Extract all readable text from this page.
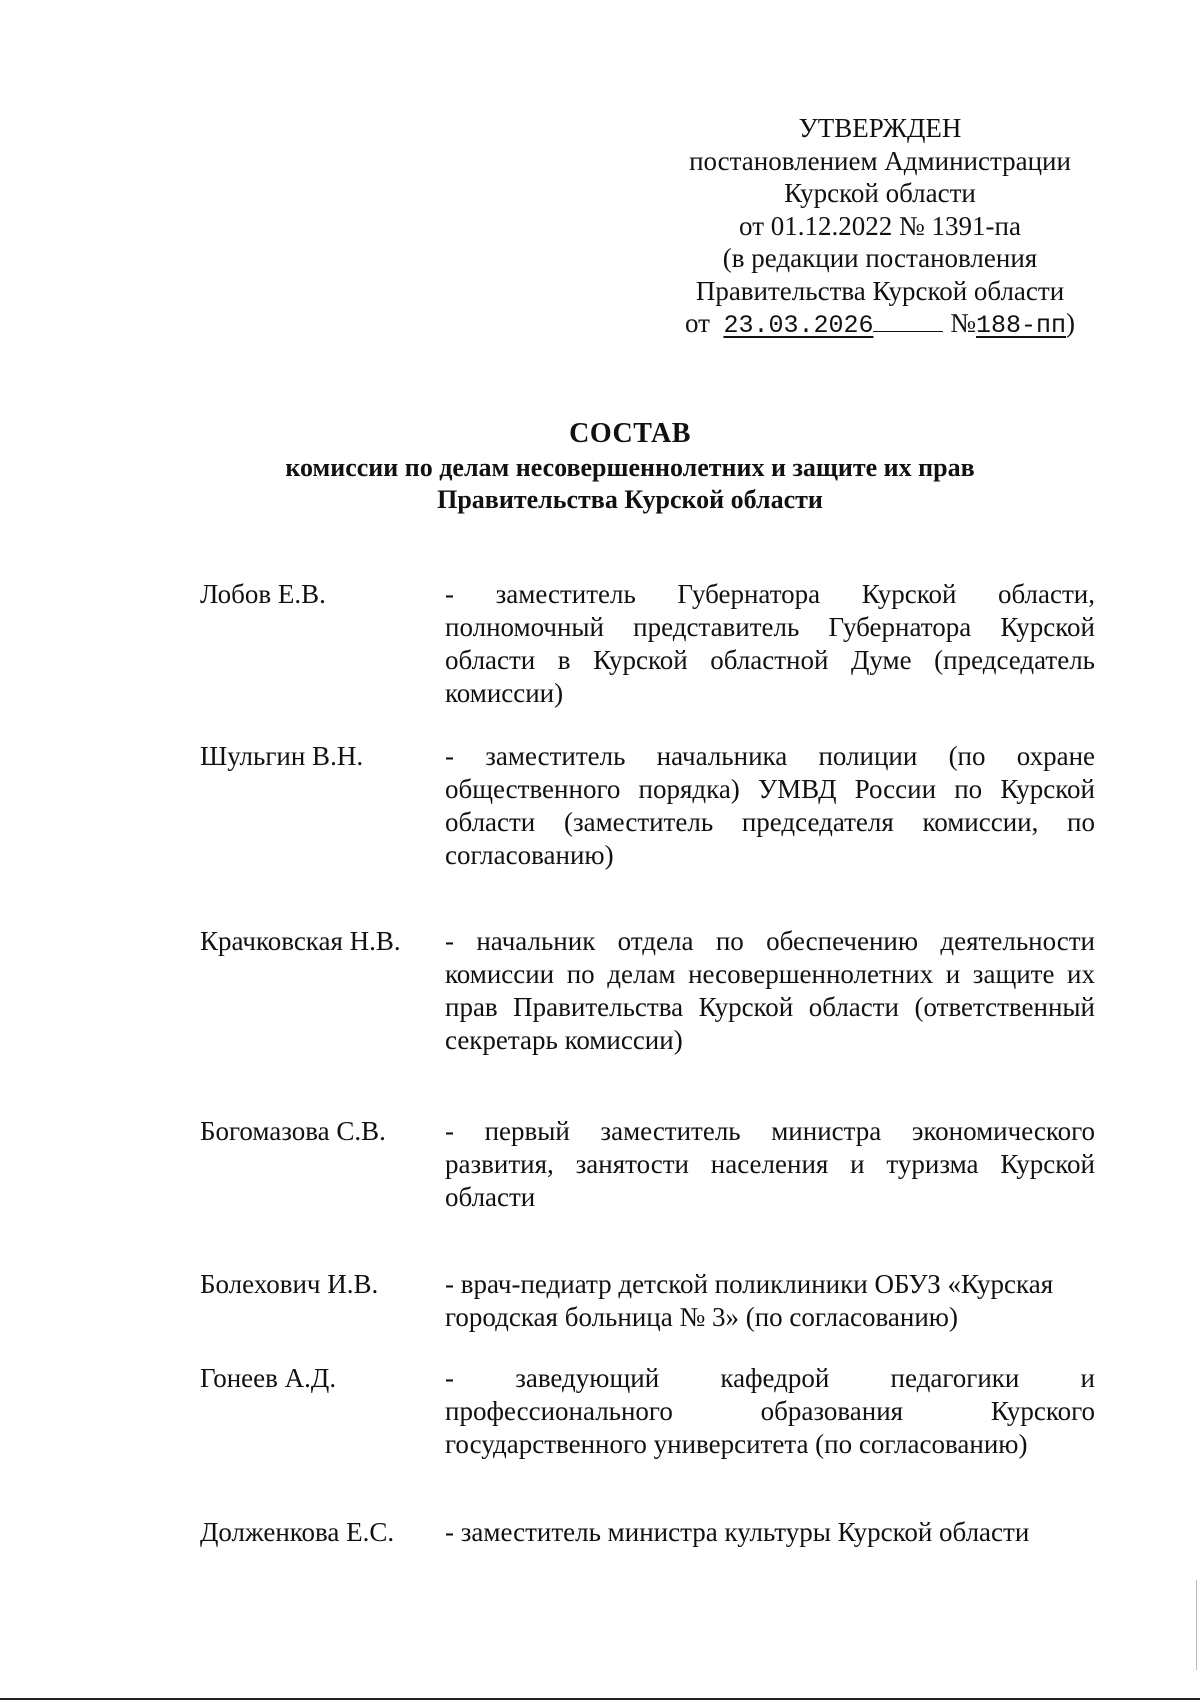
УТВЕРЖДЕН
постановлением Администрации
Курской области
от 01.12.2022 № 1391-па
(в редакции постановления
Правительства Курской области
от 23.03.2026	№188-пп)
СОСТАВ
комиссии по делам несовершеннолетних и защите их прав
Правительства Курской области
Лобов Е.В.	- заместитель Губернатора Курской области, полномочный представитель Губернатора Курской области в Курской областной Думе (председатель комиссии)
Шульгин В.Н.	- заместитель начальника полиции (по охране общественного порядка) УМВД России по Курской области (заместитель председателя комиссии, по согласованию)
Крачковская Н.В.	- начальник отдела по обеспечению деятельности комиссии по делам несовершеннолетних и защите их прав Правительства Курской области (ответственный секретарь комиссии)
Богомазова С.В.	- первый заместитель министра экономического развития, занятости населения и туризма Курской области
Болехович И.В.	- врач-педиатр детской поликлиники ОБУЗ «Курская городская больница № 3» (по согласованию)
Гонеев А.Д.	- заведующий кафедрой педагогики и профессионального образования Курского государственного университета (по согласованию)
Долженкова Е.С.	- заместитель министра культуры Курской области
